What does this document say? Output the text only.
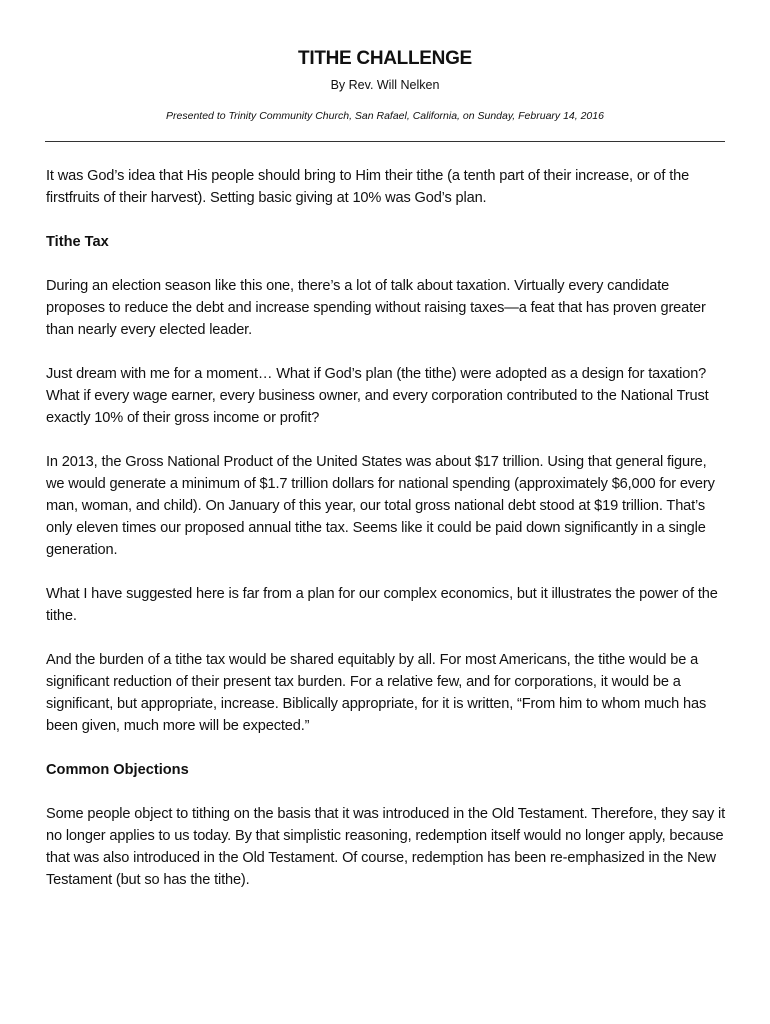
TITHE CHALLENGE

By Rev. Will Nelken

Presented to Trinity Community Church, San Rafael, California, on Sunday, February 14, 2016

It was God’s idea that His people should bring to Him their tithe (a tenth part of their increase, or of the firstfruits of their harvest). Setting basic giving at 10% was God’s plan.

Tithe Tax

During an election season like this one, there’s a lot of talk about taxation. Virtually every candidate proposes to reduce the debt and increase spending without raising taxes—a feat that has proven greater than nearly every elected leader.

Just dream with me for a moment… What if God’s plan (the tithe) were adopted as a design for taxation? What if every wage earner, every business owner, and every corporation contributed to the National Trust exactly 10% of their gross income or profit?

In 2013, the Gross National Product of the United States was about $17 trillion. Using that general figure, we would generate a minimum of $1.7 trillion dollars for national spending (approximately $6,000 for every man, woman, and child). On January of this year, our total gross national debt stood at $19 trillion. That’s only eleven times our proposed annual tithe tax. Seems like it could be paid down significantly in a single generation.

What I have suggested here is far from a plan for our complex economics, but it illustrates the power of the tithe.

And the burden of a tithe tax would be shared equitably by all. For most Americans, the tithe would be a significant reduction of their present tax burden. For a relative few, and for corporations, it would be a significant, but appropriate, increase. Biblically appropriate, for it is written, “From him to whom much has been given, much more will be expected.”

Common Objections

Some people object to tithing on the basis that it was introduced in the Old Testament. Therefore, they say it no longer applies to us today. By that simplistic reasoning, redemption itself would no longer apply, because that was also introduced in the Old Testament. Of course, redemption has been re-emphasized in the New Testament (but so has the tithe).
